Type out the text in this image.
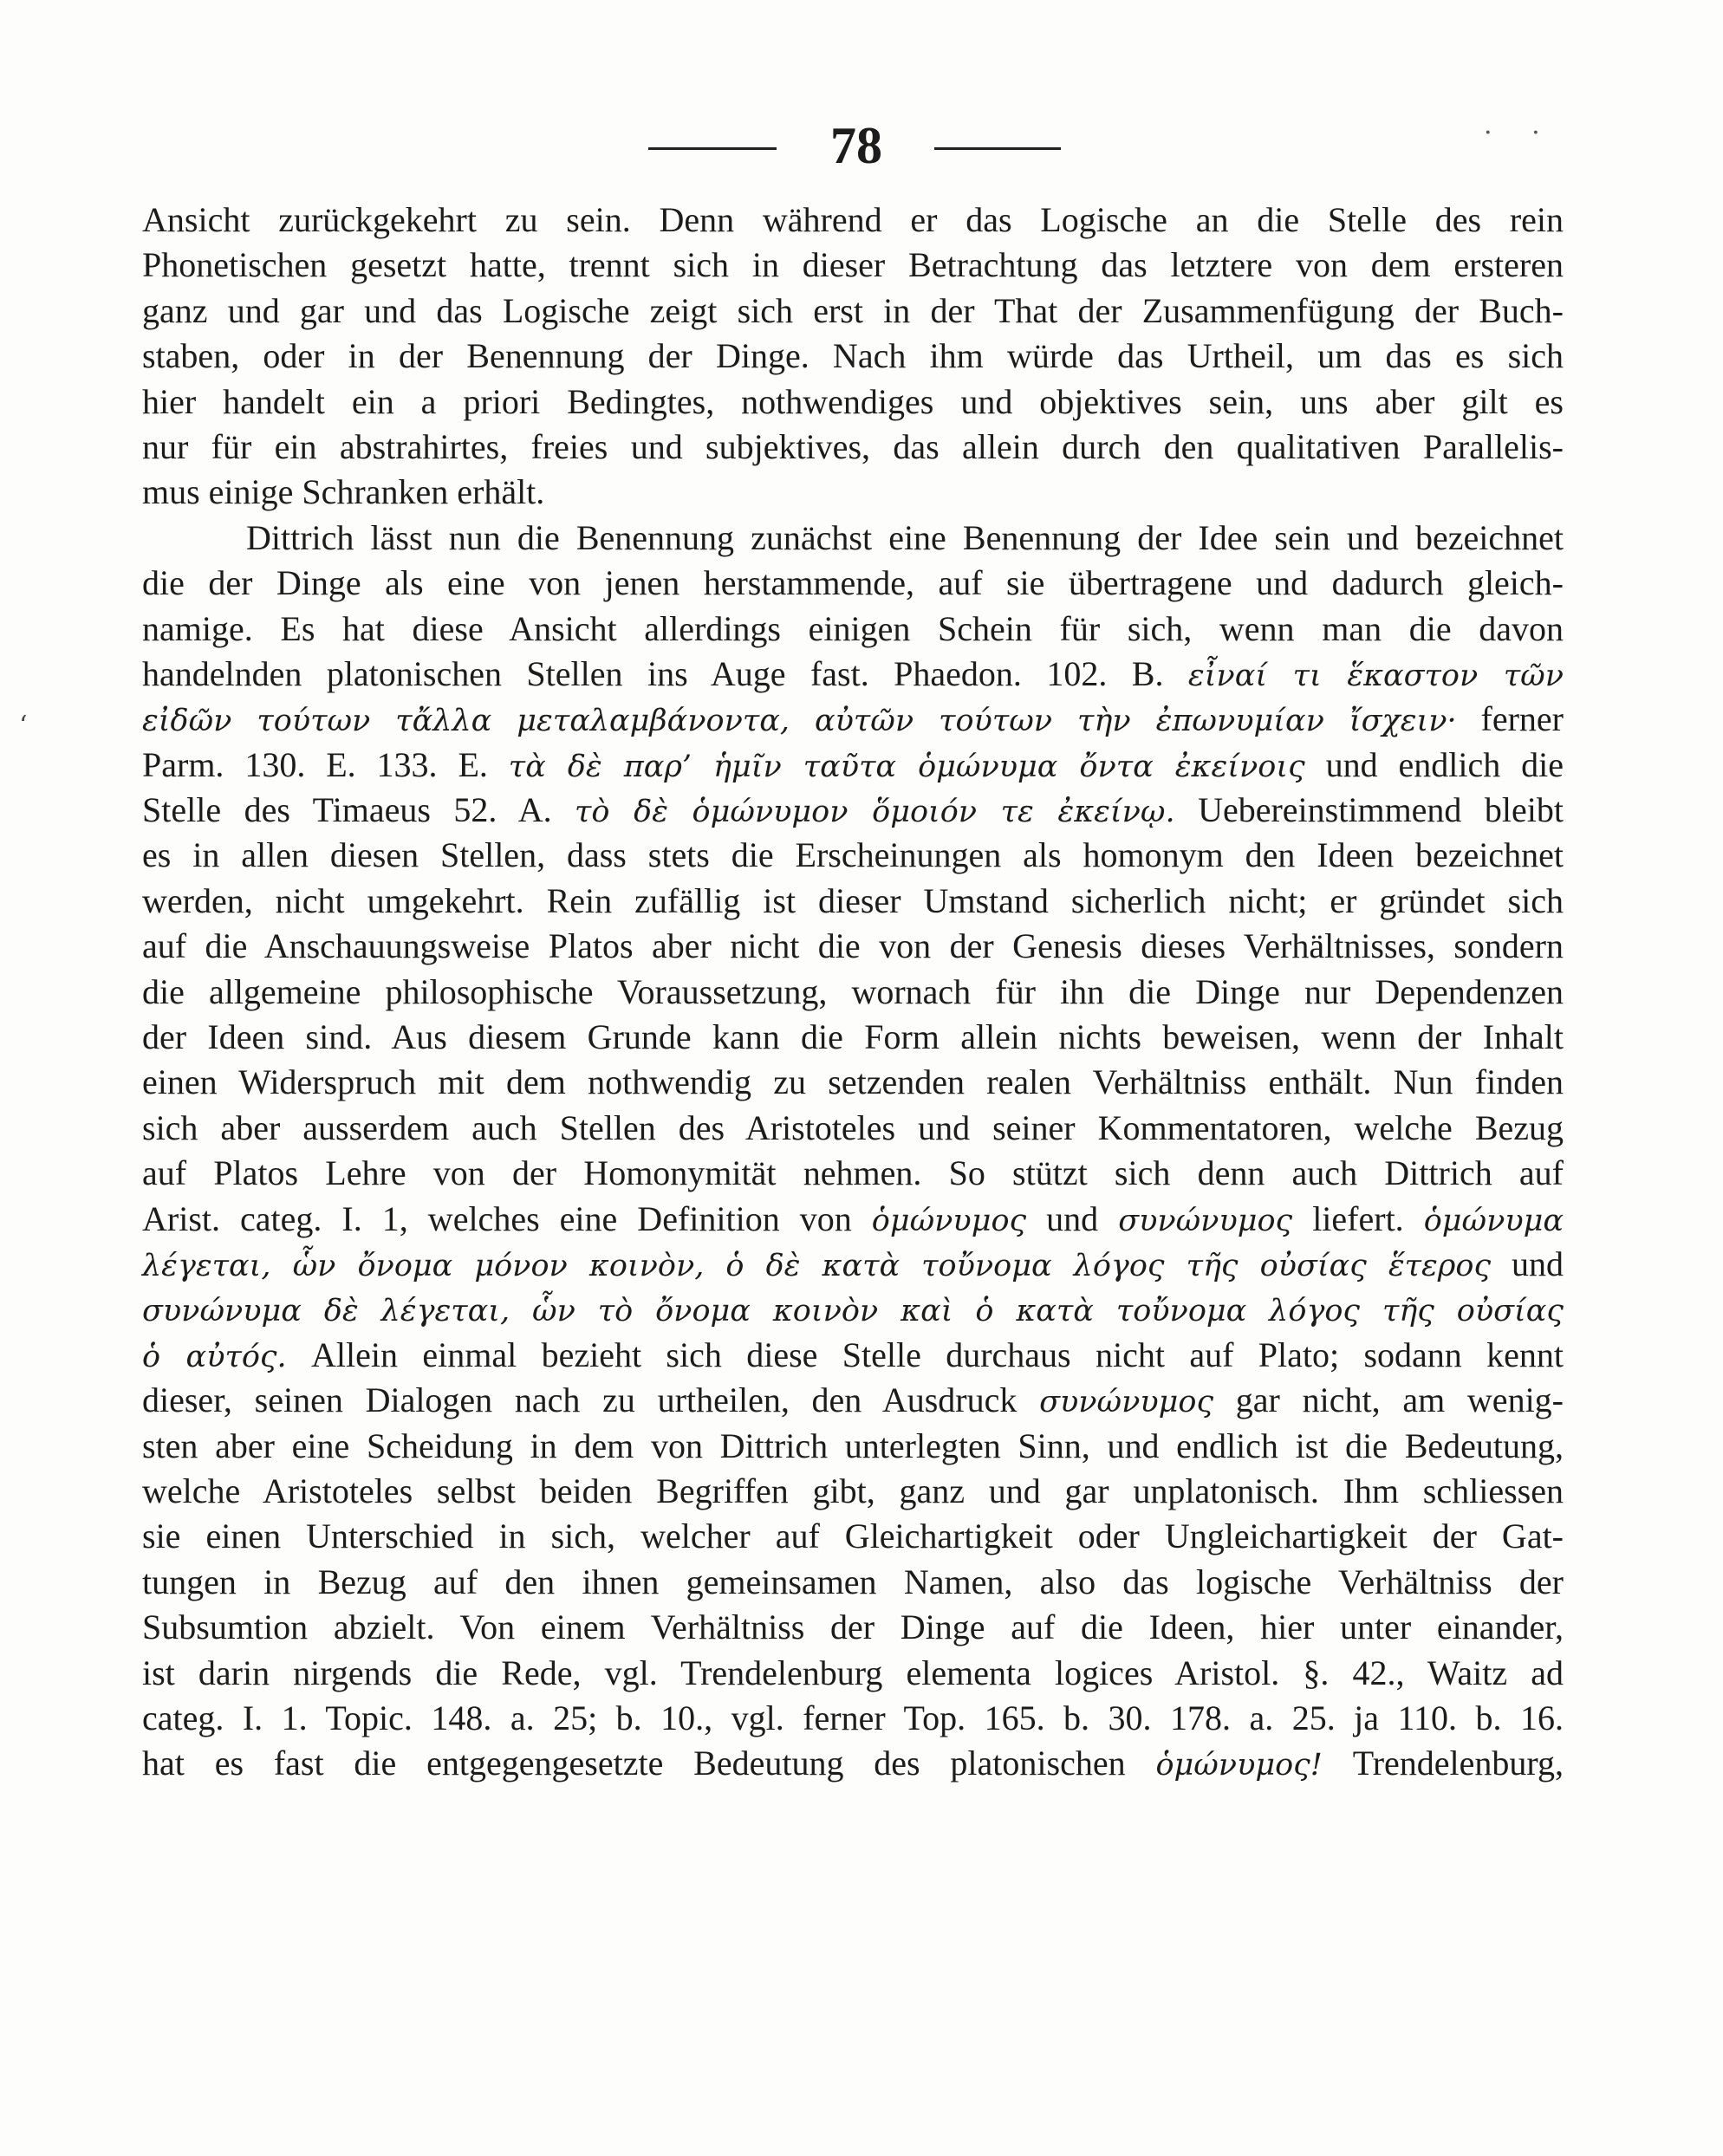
78	· ·
‘
Ansicht zurückgekehrt zu sein. Denn während er das Logische an die Stelle des rein
Phonetischen gesetzt hatte, trennt sich in dieser Betrachtung das letztere von dem ersteren
ganz und gar und das Logische zeigt sich erst in der That der Zusammenfügung der Buch-
staben, oder in der Benennung der Dinge. Nach ihm würde das Urtheil, um das es sich
hier handelt ein a priori Bedingtes, nothwendiges und objektives sein, uns aber gilt es
nur für ein abstrahirtes, freies und subjektives, das allein durch den qualitativen Parallelis-
mus einige Schranken erhält.
Dittrich lässt nun die Benennung zunächst eine Benennung der Idee sein und bezeichnet
die der Dinge als eine von jenen herstammende, auf sie übertragene und dadurch gleich-
namige. Es hat diese Ansicht allerdings einigen Schein für sich, wenn man die davon
handelnden platonischen Stellen ins Auge fast. Phaedon. 102. B. εἶναί τι ἕκαστον τῶν
εἰδῶν τούτων τἄλλα μεταλαμβάνοντα, αὐτῶν τούτων τὴν ἐπωνυμίαν ἴσχειν· ferner
Parm. 130. E. 133. E. τὰ δὲ παρ’ ἡμῖν ταῦτα ὁμώνυμα ὄντα ἐκείνοις und endlich die
Stelle des Timaeus 52. A. τὸ δὲ ὁμώνυμον ὅμοιόν τε ἐκείνῳ. Uebereinstimmend bleibt
es in allen diesen Stellen, dass stets die Erscheinungen als homonym den Ideen bezeichnet
werden, nicht umgekehrt. Rein zufällig ist dieser Umstand sicherlich nicht; er gründet sich
auf die Anschauungsweise Platos aber nicht die von der Genesis dieses Verhältnisses, sondern
die allgemeine philosophische Voraussetzung, wornach für ihn die Dinge nur Dependenzen
der Ideen sind. Aus diesem Grunde kann die Form allein nichts beweisen, wenn der Inhalt
einen Widerspruch mit dem nothwendig zu setzenden realen Verhältniss enthält. Nun finden
sich aber ausserdem auch Stellen des Aristoteles und seiner Kommentatoren, welche Bezug
auf Platos Lehre von der Homonymität nehmen. So stützt sich denn auch Dittrich auf
Arist. categ. I. 1, welches eine Definition von ὁμώνυμος und συνώνυμος liefert. ὁμώνυμα
λέγεται, ὧν ὄνομα μόνον κοινὸν, ὁ δὲ κατὰ τοὔνομα λόγος τῆς οὐσίας ἕτερος und
συνώνυμα δὲ λέγεται, ὧν τὸ ὄνομα κοινὸν καὶ ὁ κατὰ τοὔνομα λόγος τῆς οὐσίας
ὁ αὐτός. Allein einmal bezieht sich diese Stelle durchaus nicht auf Plato; sodann kennt
dieser, seinen Dialogen nach zu urtheilen, den Ausdruck συνώνυμος gar nicht, am wenig-
sten aber eine Scheidung in dem von Dittrich unterlegten Sinn, und endlich ist die Bedeutung,
welche Aristoteles selbst beiden Begriffen gibt, ganz und gar unplatonisch. Ihm schliessen
sie einen Unterschied in sich, welcher auf Gleichartigkeit oder Ungleichartigkeit der Gat-
tungen in Bezug auf den ihnen gemeinsamen Namen, also das logische Verhältniss der
Subsumtion abzielt. Von einem Verhältniss der Dinge auf die Ideen, hier unter einander,
ist darin nirgends die Rede, vgl. Trendelenburg elementa logices Aristol. §. 42., Waitz ad
categ. I. 1. Topic. 148. a. 25; b. 10., vgl. ferner Top. 165. b. 30. 178. a. 25. ja 110. b. 16.
hat es fast die entgegengesetzte Bedeutung des platonischen ὁμώνυμος! Trendelenburg,
